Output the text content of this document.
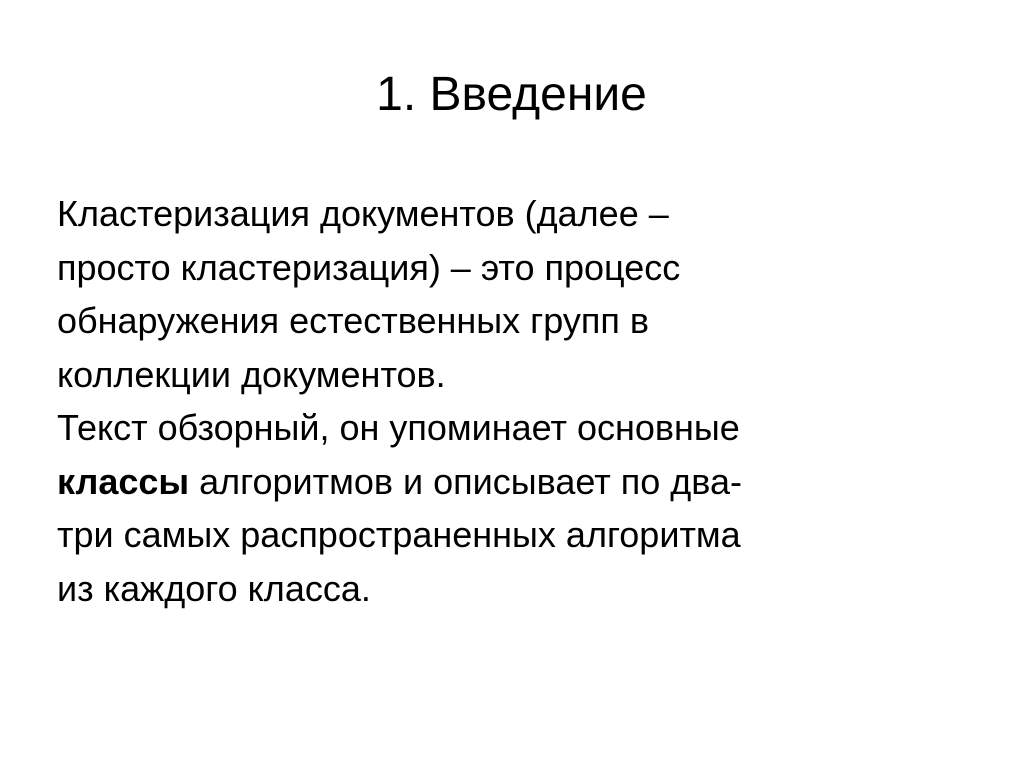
1. Введение
Кластеризация документов (далее –
просто кластеризация) – это процесс
обнаружения естественных групп в
коллекции документов.
Текст обзорный, он упоминает основные
классы алгоритмов и описывает по два-
три самых распространенных алгоритма
из каждого класса.
